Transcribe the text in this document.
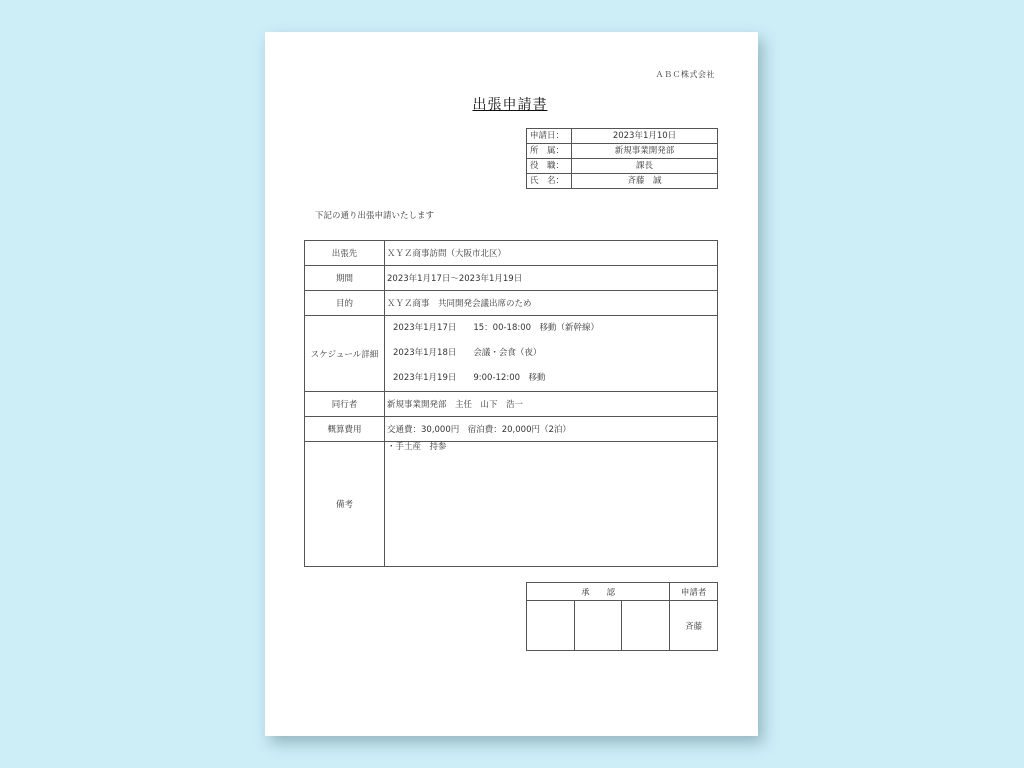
ＡＢＣ株式会社
出張申請書
申請日：	2023年1月10日
所　属：	新規事業開発部
役　職：	課長
氏　名：	斉藤　誠
下記の通り出張申請いたします
出張先	ＸＹＺ商事訪問（大阪市北区）
期間	2023年1月17日～2023年1月19日
目的	ＸＹＺ商事　共同開発会議出席のため
スケジュール詳細	2023年1月17日　　15：00-18:00　移動（新幹線）
2023年1月18日　　会議・会食（夜）
2023年1月19日　　9:00-12:00　移動

同行者	新規事業開発部　主任　山下　浩一
概算費用	交通費：30,000円　宿泊費：20,000円（2泊）
備考	・手土産　持参
承　　認			申請者
			斉藤
